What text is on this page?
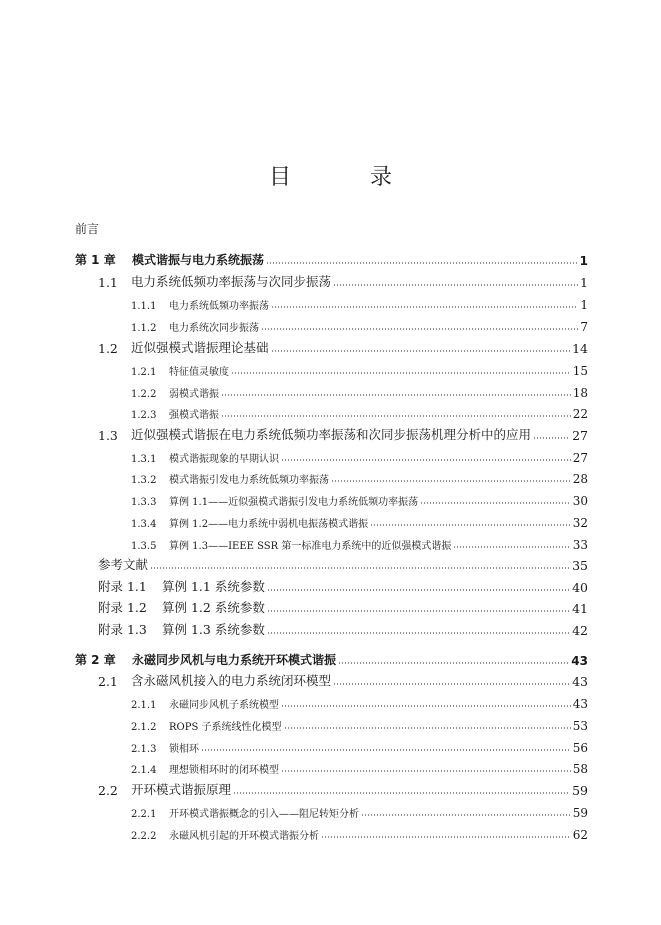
目 录
前言
第 1 章	模式谐振与电力系统振荡	1
1.1	电力系统低频功率振荡与次同步振荡	1
1.1.1	电力系统低频功率振荡	1
1.1.2	电力系统次同步振荡	7
1.2	近似强模式谐振理论基础	14
1.2.1	特征值灵敏度	15
1.2.2	弱模式谐振	18
1.2.3	强模式谐振	22
1.3	近似强模式谐振在电力系统低频功率振荡和次同步振荡机理分析中的应用	27
1.3.1	模式谐振现象的早期认识	27
1.3.2	模式谐振引发电力系统低频功率振荡	28
1.3.3	算例 1.1——近似强模式谐振引发电力系统低频功率振荡	30
1.3.4	算例 1.2——电力系统中弱机电振荡模式谐振	32
1.3.5	算例 1.3——IEEE SSR 第一标准电力系统中的近似强模式谐振	33
参考文献	35
附录 1.1	算例 1.1 系统参数	40
附录 1.2	算例 1.2 系统参数	41
附录 1.3	算例 1.3 系统参数	42
第 2 章	永磁同步风机与电力系统开环模式谐振	43
2.1	含永磁风机接入的电力系统闭环模型	43
2.1.1	永磁同步风机子系统模型	43
2.1.2	ROPS 子系统线性化模型	53
2.1.3	锁相环	56
2.1.4	理想锁相环时的闭环模型	58
2.2	开环模式谐振原理	59
2.2.1	开环模式谐振概念的引入——阻尼转矩分析	59
2.2.2	永磁风机引起的开环模式谐振分析	62
